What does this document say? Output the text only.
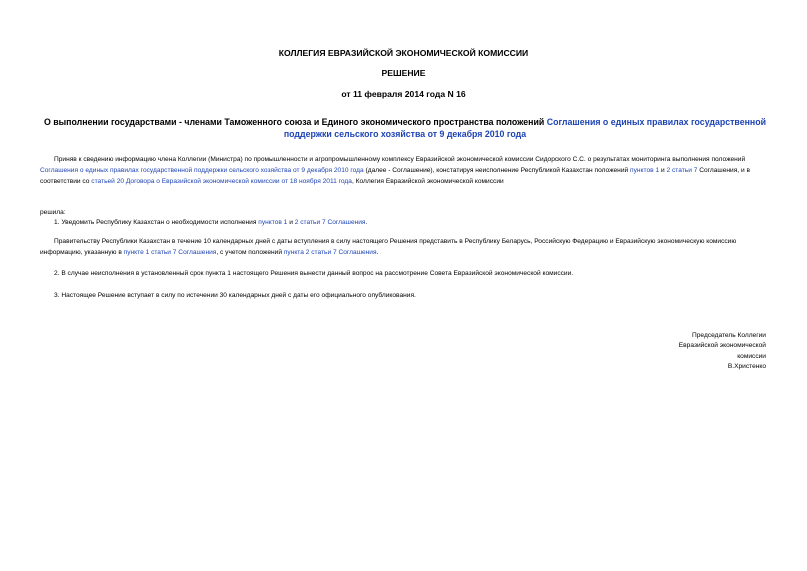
КОЛЛЕГИЯ ЕВРАЗИЙСКОЙ ЭКОНОМИЧЕСКОЙ КОМИССИИ
РЕШЕНИЕ
от 11 февраля 2014 года N 16
О выполнении государствами - членами Таможенного союза и Единого экономического пространства положений Соглашения о единых правилах государственной поддержки сельского хозяйства от 9 декабря 2010 года
Приняв к сведению информацию члена Коллегии (Министра) по промышленности и агропромышленному комплексу Евразийской экономической комиссии Сидорского С.С. о результатах мониторинга выполнения положений Соглашения о единых правилах государственной поддержки сельского хозяйства от 9 декабря 2010 года (далее - Соглашение), констатируя неисполнение Республикой Казахстан положений пунктов 1 и 2 статьи 7 Соглашения, и в соответствии со статьей 20 Договора о Евразийской экономической комиссии от 18 ноября 2011 года, Коллегия Евразийской экономической комиссии
решила:
1. Уведомить Республику Казахстан о необходимости исполнения пунктов 1 и 2 статьи 7 Соглашения.
Правительству Республики Казахстан в течение 10 календарных дней с даты вступления в силу настоящего Решения представить в Республику Беларусь, Российскую Федерацию и Евразийскую экономическую комиссию информацию, указанную в пункте 1 статьи 7 Соглашения, с учетом положений пункта 2 статьи 7 Соглашения.
2. В случае неисполнения в установленный срок пункта 1 настоящего Решения вынести данный вопрос на рассмотрение Совета Евразийской экономической комиссии.
3. Настоящее Решение вступает в силу по истечении 30 календарных дней с даты его официального опубликования.
Председатель Коллегии
Евразийской экономической
комиссии
В.Христенко
